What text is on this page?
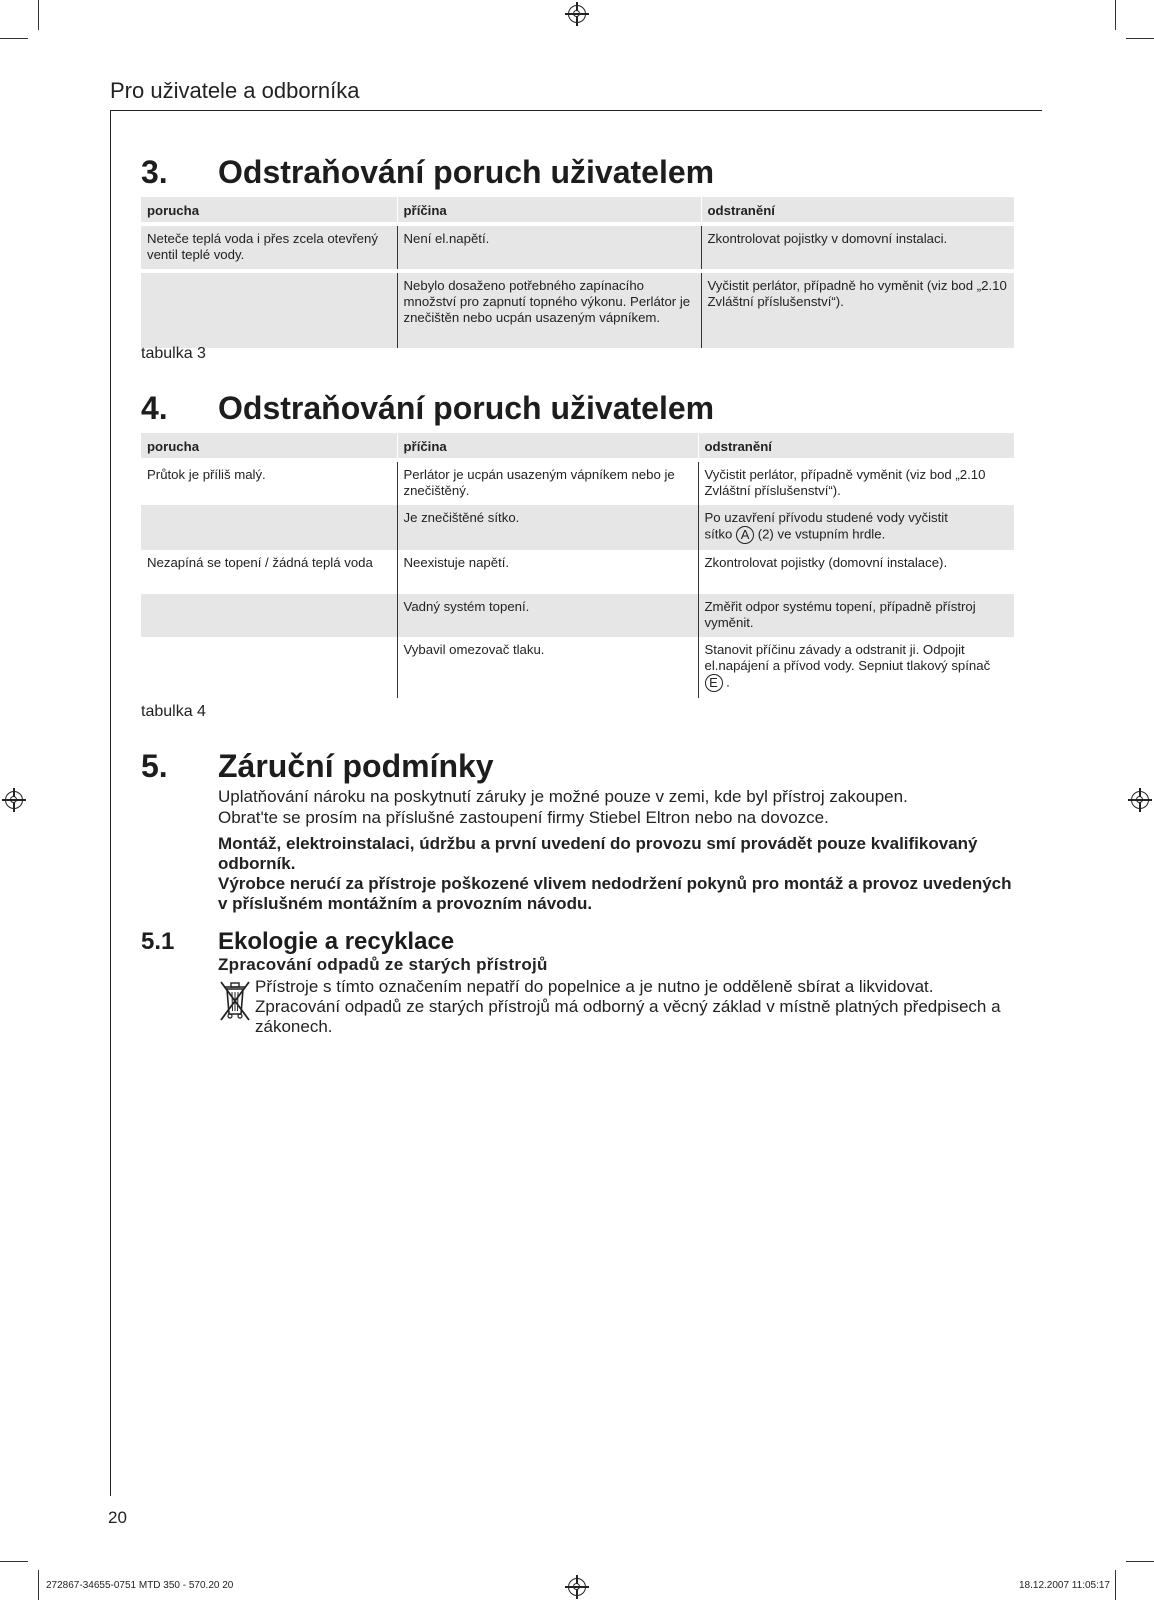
Pro uživatele a odborníka
3. Odstraňování poruch uživatelem
porucha	příčina	odstranění
Neteče teplá voda i přes zcela otevřený ventil teplé vody.	Není el.napětí.	Zkontrolovat pojistky v domovní instalaci.
	Nebylo dosaženo potřebného zapínacího množství pro zapnutí topného výkonu. Perlátor je znečištěn nebo ucpán usazeným vápníkem.	Vyčistit perlátor, případně ho vyměnit (viz bod „2.10 Zvláštní příslušenství“).
tabulka 3
4. Odstraňování poruch uživatelem
porucha	příčina	odstranění
Průtok je příliš malý.	Perlátor je ucpán usazeným vápníkem nebo je znečištěný.	Vyčistit perlátor, případně vyměnit (viz bod „2.10 Zvláštní příslušenství“).
	Je znečištěné sítko.	Po uzavření přívodu studené vody vyčistit
sítko A (2) ve vstupním hrdle.
Nezapíná se topení / žádná teplá voda	Neexistuje napětí.	Zkontrolovat pojistky (domovní instalace).
	Vadný systém topení.	Změřit odpor systému topení, případně přístroj vyměnit.
	Vybavil omezovač tlaku.	Stanovit příčinu závady a odstranit ji. Odpojit el.napájení a přívod vody. Sepniut tlakový spínač E .
tabulka 4
5. Záruční podmínky
Uplatňování nároku na poskytnutí záruky je možné pouze v zemi, kde byl přístroj zakoupen.
Obrat'te se prosím na příslušné zastoupení firmy Stiebel Eltron nebo na dovozce.
Montáž, elektroinstalaci, údržbu a první uvedení do provozu smí provádět pouze kvalifikovaný odborník.
Výrobce nerućí za přístroje poškozené vlivem nedodržení pokynů pro montáž a provoz uvedených v příslušném montážním a provozním návodu.
5.1 Ekologie a recyklace
Zpracování odpadů ze starých přístrojů
Přístroje s tímto označením nepatří do popelnice a je nutno je odděleně sbírat a likvidovat. Zpracování odpadů ze starých přístrojů má odborný a věcný základ v místně platných předpisech a zákonech.
20
272867-34655-0751 MTD 350 - 570.20 20	18.12.2007 11:05:17
